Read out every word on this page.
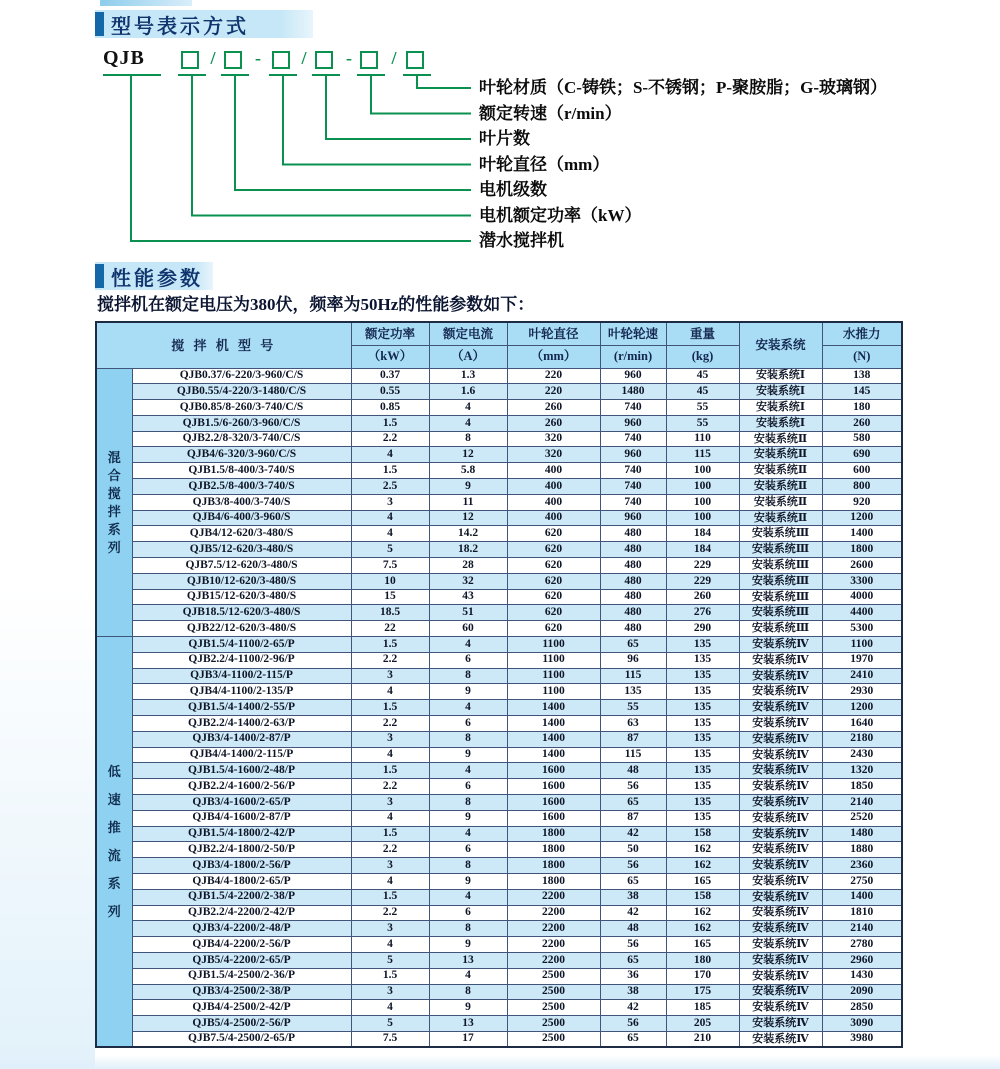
型号表示方式
QJB	/	-	/	-	/
叶轮材质（C-铸铁；S-不锈钢；P-聚胺脂；G-玻璃钢）
额定转速（r/min）
叶片数
叶轮直径（mm）
电机级数
电机额定功率（kW）
潜水搅拌机
性能参数

搅拌机在额定电压为380伏，频率为50Hz的性能参数如下：

搅 拌 机 型 号		额定功率	额定电流	叶轮直径	叶轮轮速	重量	安装系统	水推力
		（kW）	（A）	（mm）	(r/min)	(kg)		(N)

混
合
搅
拌
系
列
	QJB0.37/6-220/3-960/C/S	0.37	1.3	220	960	45	安装系统Ⅰ	138
	QJB0.55/4-220/3-1480/C/S	0.55	1.6	220	1480	45	安装系统Ⅰ	145
	QJB0.85/8-260/3-740/C/S	0.85	4	260	740	55	安装系统Ⅰ	180
	QJB1.5/6-260/3-960/C/S	1.5	4	260	960	55	安装系统Ⅰ	260
	QJB2.2/8-320/3-740/C/S	2.2	8	320	740	110	安装系统Ⅱ	580
	QJB4/6-320/3-960/C/S	4	12	320	960	115	安装系统Ⅱ	690
	QJB1.5/8-400/3-740/S	1.5	5.8	400	740	100	安装系统Ⅱ	600
	QJB2.5/8-400/3-740/S	2.5	9	400	740	100	安装系统Ⅱ	800
	QJB3/8-400/3-740/S	3	11	400	740	100	安装系统Ⅱ	920
	QJB4/6-400/3-960/S	4	12	400	960	100	安装系统Ⅱ	1200
	QJB4/12-620/3-480/S	4	14.2	620	480	184	安装系统Ⅲ	1400
	QJB5/12-620/3-480/S	5	18.2	620	480	184	安装系统Ⅲ	1800
	QJB7.5/12-620/3-480/S	7.5	28	620	480	229	安装系统Ⅲ	2600
	QJB10/12-620/3-480/S	10	32	620	480	229	安装系统Ⅲ	3300
	QJB15/12-620/3-480/S	15	43	620	480	260	安装系统Ⅲ	4000
	QJB18.5/12-620/3-480/S	18.5	51	620	480	276	安装系统Ⅲ	4400
	QJB22/12-620/3-480/S	22	60	620	480	290	安装系统Ⅲ	5300

低
速
推
流
系
列
	QJB1.5/4-1100/2-65/P	1.5	4	1100	65	135	安装系统Ⅳ	1100
	QJB2.2/4-1100/2-96/P	2.2	6	1100	96	135	安装系统Ⅳ	1970
	QJB3/4-1100/2-115/P	3	8	1100	115	135	安装系统Ⅳ	2410
	QJB4/4-1100/2-135/P	4	9	1100	135	135	安装系统Ⅳ	2930
	QJB1.5/4-1400/2-55/P	1.5	4	1400	55	135	安装系统Ⅳ	1200
	QJB2.2/4-1400/2-63/P	2.2	6	1400	63	135	安装系统Ⅳ	1640
	QJB3/4-1400/2-87/P	3	8	1400	87	135	安装系统Ⅳ	2180
	QJB4/4-1400/2-115/P	4	9	1400	115	135	安装系统Ⅳ	2430
	QJB1.5/4-1600/2-48/P	1.5	4	1600	48	135	安装系统Ⅳ	1320
	QJB2.2/4-1600/2-56/P	2.2	6	1600	56	135	安装系统Ⅳ	1850
	QJB3/4-1600/2-65/P	3	8	1600	65	135	安装系统Ⅳ	2140
	QJB4/4-1600/2-87/P	4	9	1600	87	135	安装系统Ⅳ	2520
	QJB1.5/4-1800/2-42/P	1.5	4	1800	42	158	安装系统Ⅳ	1480
	QJB2.2/4-1800/2-50/P	2.2	6	1800	50	162	安装系统Ⅳ	1880
	QJB3/4-1800/2-56/P	3	8	1800	56	162	安装系统Ⅳ	2360
	QJB4/4-1800/2-65/P	4	9	1800	65	165	安装系统Ⅳ	2750
	QJB1.5/4-2200/2-38/P	1.5	4	2200	38	158	安装系统Ⅳ	1400
	QJB2.2/4-2200/2-42/P	2.2	6	2200	42	162	安装系统Ⅳ	1810
	QJB3/4-2200/2-48/P	3	8	2200	48	162	安装系统Ⅳ	2140
	QJB4/4-2200/2-56/P	4	9	2200	56	165	安装系统Ⅳ	2780
	QJB5/4-2200/2-65/P	5	13	2200	65	180	安装系统Ⅳ	2960
	QJB1.5/4-2500/2-36/P	1.5	4	2500	36	170	安装系统Ⅳ	1430
	QJB3/4-2500/2-38/P	3	8	2500	38	175	安装系统Ⅳ	2090
	QJB4/4-2500/2-42/P	4	9	2500	42	185	安装系统Ⅳ	2850
	QJB5/4-2500/2-56/P	5	13	2500	56	205	安装系统Ⅳ	3090
	QJB7.5/4-2500/2-65/P	7.5	17	2500	65	210	安装系统Ⅳ	3980
